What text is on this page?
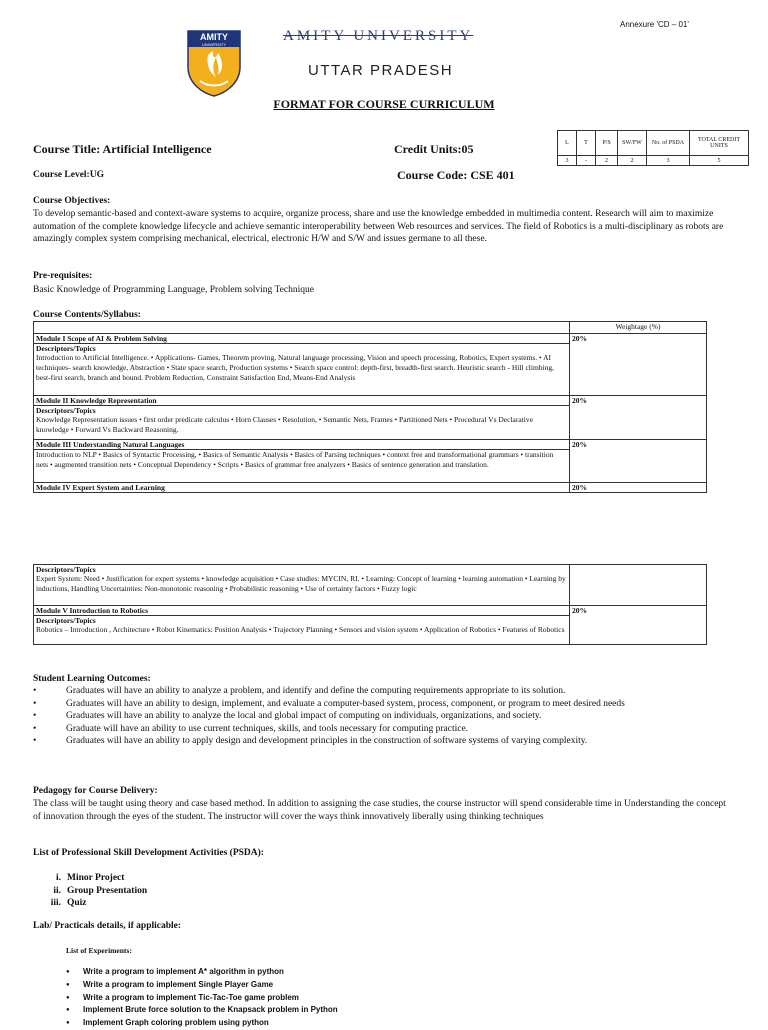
Annexure 'CD – 01'
AMITY
UNIVERSITY
AMITY UNIVERSITY
UTTAR PRADESH
FORMAT FOR COURSE CURRICULUM
Course Title: Artificial Intelligence	Credit Units:05
Course Level:UG	Course Code: CSE 401
L	T	P/S	SW/FW	No. of PSDA	TOTAL CREDIT UNITS
3	-	2	2	3	5
Course Objectives:
To develop semantic-based and context-aware systems to acquire, organize process, share and use the knowledge embedded in multimedia content. Research will aim to maximize automation of the complete knowledge lifecycle and achieve semantic interoperability between Web resources and services. The field of Robotics is a multi-disciplinary as robots are amazingly complex system comprising mechanical, electrical, electronic H/W and S/W and issues germane to all these.
Pre-requisites:
Basic Knowledge of Programming Language, Problem solving Technique
Course Contents/Syllabus:
	Weightage (%)
Module I Scope of AI & Problem Solving	20%

Descriptors/Topics
Introduction to Artificial Intelligence. • Applications- Games, Theorem proving, Natural language processing, Vision and speech processing, Robotics, Expert systems. • AI techniques- search knowledge, Abstraction • State space search, Production systems • Search space control: depth-first, breadth-first search. Heuristic search - Hill climbing, best-first search, branch and bound. Problem Reduction, Constraint Satisfaction End, Means-End Analysis	

Module II Knowledge Representation	20%

Descriptors/Topics
Knowledge Representation issues • first order predicate calculus • Horn Clauses • Resolution, • Semantic Nets, Frames • Partitioned Nets • Procedural Vs Declarative knowledge • Forward Vs Backward Reasoning.	

Module III Understanding Natural Languages	20%

Introduction to NLP • Basics of Syntactic Processing, • Basics of Semantic Analysis • Basics of Parsing techniques • context free and transformational grammars • transition nets • augmented transition nets • Conceptual Dependency • Scripts • Basics of grammar free analyzers • Basics of sentence generation and translation.	

Module IV Expert System and Learning	20%
Descriptors/Topics
Expert System: Need • Justification for expert systems • knowledge acquisition • Case studies: MYCIN, RI. • Learning: Concept of learning • learning automation • Learning by inductions, Handling Uncertainties: Non-monotonic reasoning • Probabilistic reasoning • Use of certainty factors • Fuzzy logic	

Module V Introduction to Robotics	20%

Descriptors/Topics
Robotics – Introduction , Architecture • Robot Kinematics: Position Analysis • Trajectory Planning • Sensors and vision system • Application of Robotics • Features of Robotics	
Student Learning Outcomes:
• Graduates will have an ability to analyze a problem, and identify and define the computing requirements appropriate to its solution.
• Graduates will have an ability to design, implement, and evaluate a computer-based system, process, component, or program to meet desired needs
• Graduates will have an ability to analyze the local and global impact of computing on individuals, organizations, and society.
• Graduate will have an ability to use current techniques, skills, and tools necessary for computing practice.
• Graduates will have an ability to apply design and development principles in the construction of software systems of varying complexity.
Pedagogy for Course Delivery:
The class will be taught using theory and case based method. In addition to assigning the case studies, the course instructor will spend considerable time in Understanding the concept of innovation through the eyes of the student. The instructor will cover the ways think innovatively liberally using thinking techniques
List of Professional Skill Development Activities (PSDA):
i. Minor Project
ii. Group Presentation
iii. Quiz
Lab/ Practicals details, if applicable:
List of Experiments:
● Write a program to implement A* algorithm in python
● Write a program to implement Single Player Game
● Write a program to implement Tic-Tac-Toe game problem
● Implement Brute force solution to the Knapsack problem in Python
● Implement Graph coloring problem using python
